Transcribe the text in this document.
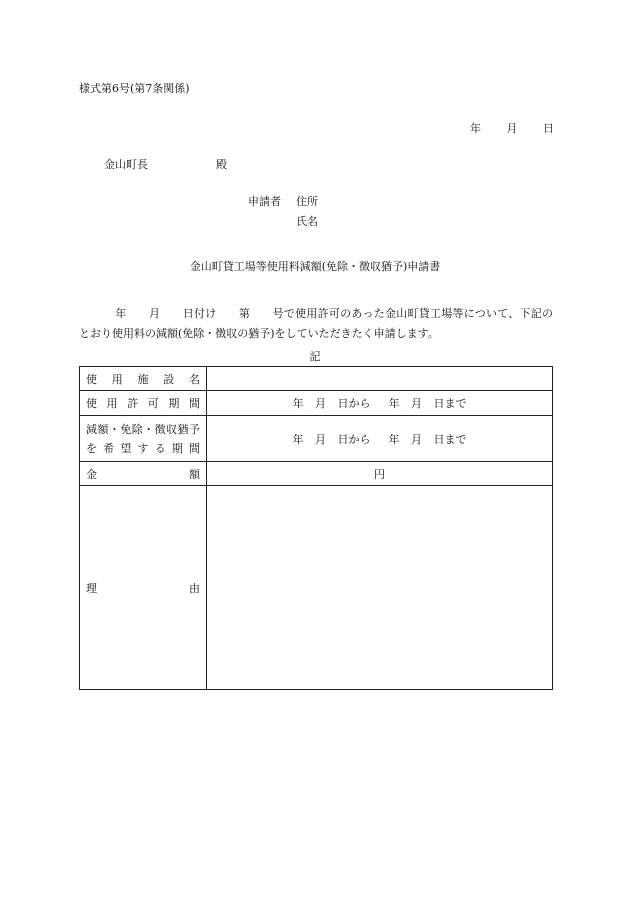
様式第6号(第7条関係)
年 月 日
金山町長	殿
申請者 住所
氏名
金山町貸工場等使用料減額(免除・徴収猶予)申請書
年　　月　　日付け　　第　　号で使用許可のあった金山町貸工場等について、下記のとおり使用料の減額(免除・徴収の猶予)をしていただきたく申請します。
記
使 用 施 設 名	

使 用 許 可 期 間	年 月 日から 年 月 日まで

減額・免除・徴収猶予
を 希 望 す る 期 間	年 月 日から 年 月 日まで

金 額	円

理 由	
